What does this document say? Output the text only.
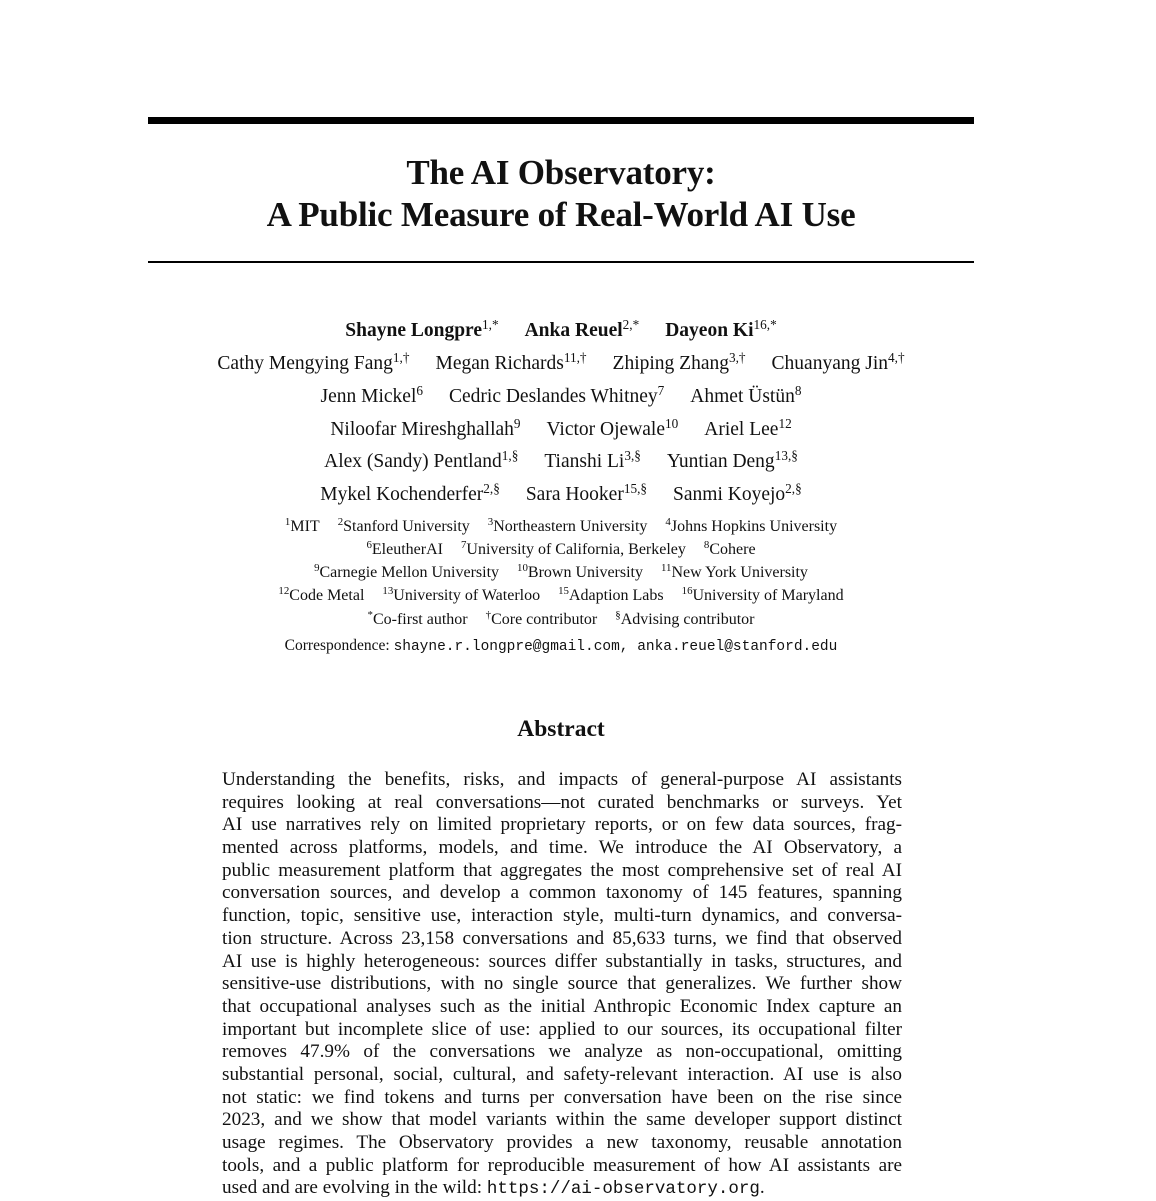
The AI Observatory:
A Public Measure of Real-World AI Use
Shayne Longpre$^{1,*}$ Anka Reuel$^{2,*}$ Dayeon $Ki^{16,*}$
Cathy Mengying Fang$^{1,\dagger}$ Megan Richards$^{11,\dagger}$ Zhiping Zhang$^{3,\dagger}$ Chuanyang Jin$^{4,\dagger}$
Jenn Mickel$^6$ Cedric Deslandes Whitney$^7$ Ahmet Üstün$^8$
Niloofar Mireshghallah$^9$ Victor Ojewale$^{10}$ Ariel Lee$^{12}$
Alex (Sandy) Pentland$^{1,\S}$ Tianshi $Li^{3,\S}$ Yuntian Deng$^{13,\S}$
Mykel Kochenderfer$^{2,\S}$ Sara Hooker$^{15,\S}$ Sanmi Koyejo$^{2,\S}$
$^1$MIT $^2$Stanford University $^3$Northeastern University $^4$Johns Hopkins University
$^6$EleutherAI $^7$University of California, Berkeley $^8$Cohere
$^9$Carnegie Mellon University $^{10}$Brown University $^{11}$New York University
$^{12}$Code Metal $^{13}$University of Waterloo $^{15}$Adaption Labs $^{16}$University of Maryland
*Co-first author †Core contributor §Advising contributor
Correspondence: shayne.r.longpre@gmail.com, anka.reuel@stanford.edu
Abstract
Understanding the benefits, risks, and impacts of general-purpose AI assistants
requires looking at real conversations—not curated benchmarks or surveys. Yet
AI use narratives rely on limited proprietary reports, or on few data sources, frag-
mented across platforms, models, and time. We introduce the AI Observatory, a
public measurement platform that aggregates the most comprehensive set of real AI
conversation sources, and develop a common taxonomy of 145 features, spanning
function, topic, sensitive use, interaction style, multi-turn dynamics, and conversa-
tion structure. Across 23,158 conversations and 85,633 turns, we find that observed
AI use is highly heterogeneous: sources differ substantially in tasks, structures, and
sensitive-use distributions, with no single source that generalizes. We further show
that occupational analyses such as the initial Anthropic Economic Index capture an
important but incomplete slice of use: applied to our sources, its occupational filter
removes 47.9% of the conversations we analyze as non-occupational, omitting
substantial personal, social, cultural, and safety-relevant interaction. AI use is also
not static: we find tokens and turns per conversation have been on the rise since
2023, and we show that model variants within the same developer support distinct
usage regimes. The Observatory provides a new taxonomy, reusable annotation
tools, and a public platform for reproducible measurement of how AI assistants are
used and are evolving in the wild: https://ai-observatory.org.
